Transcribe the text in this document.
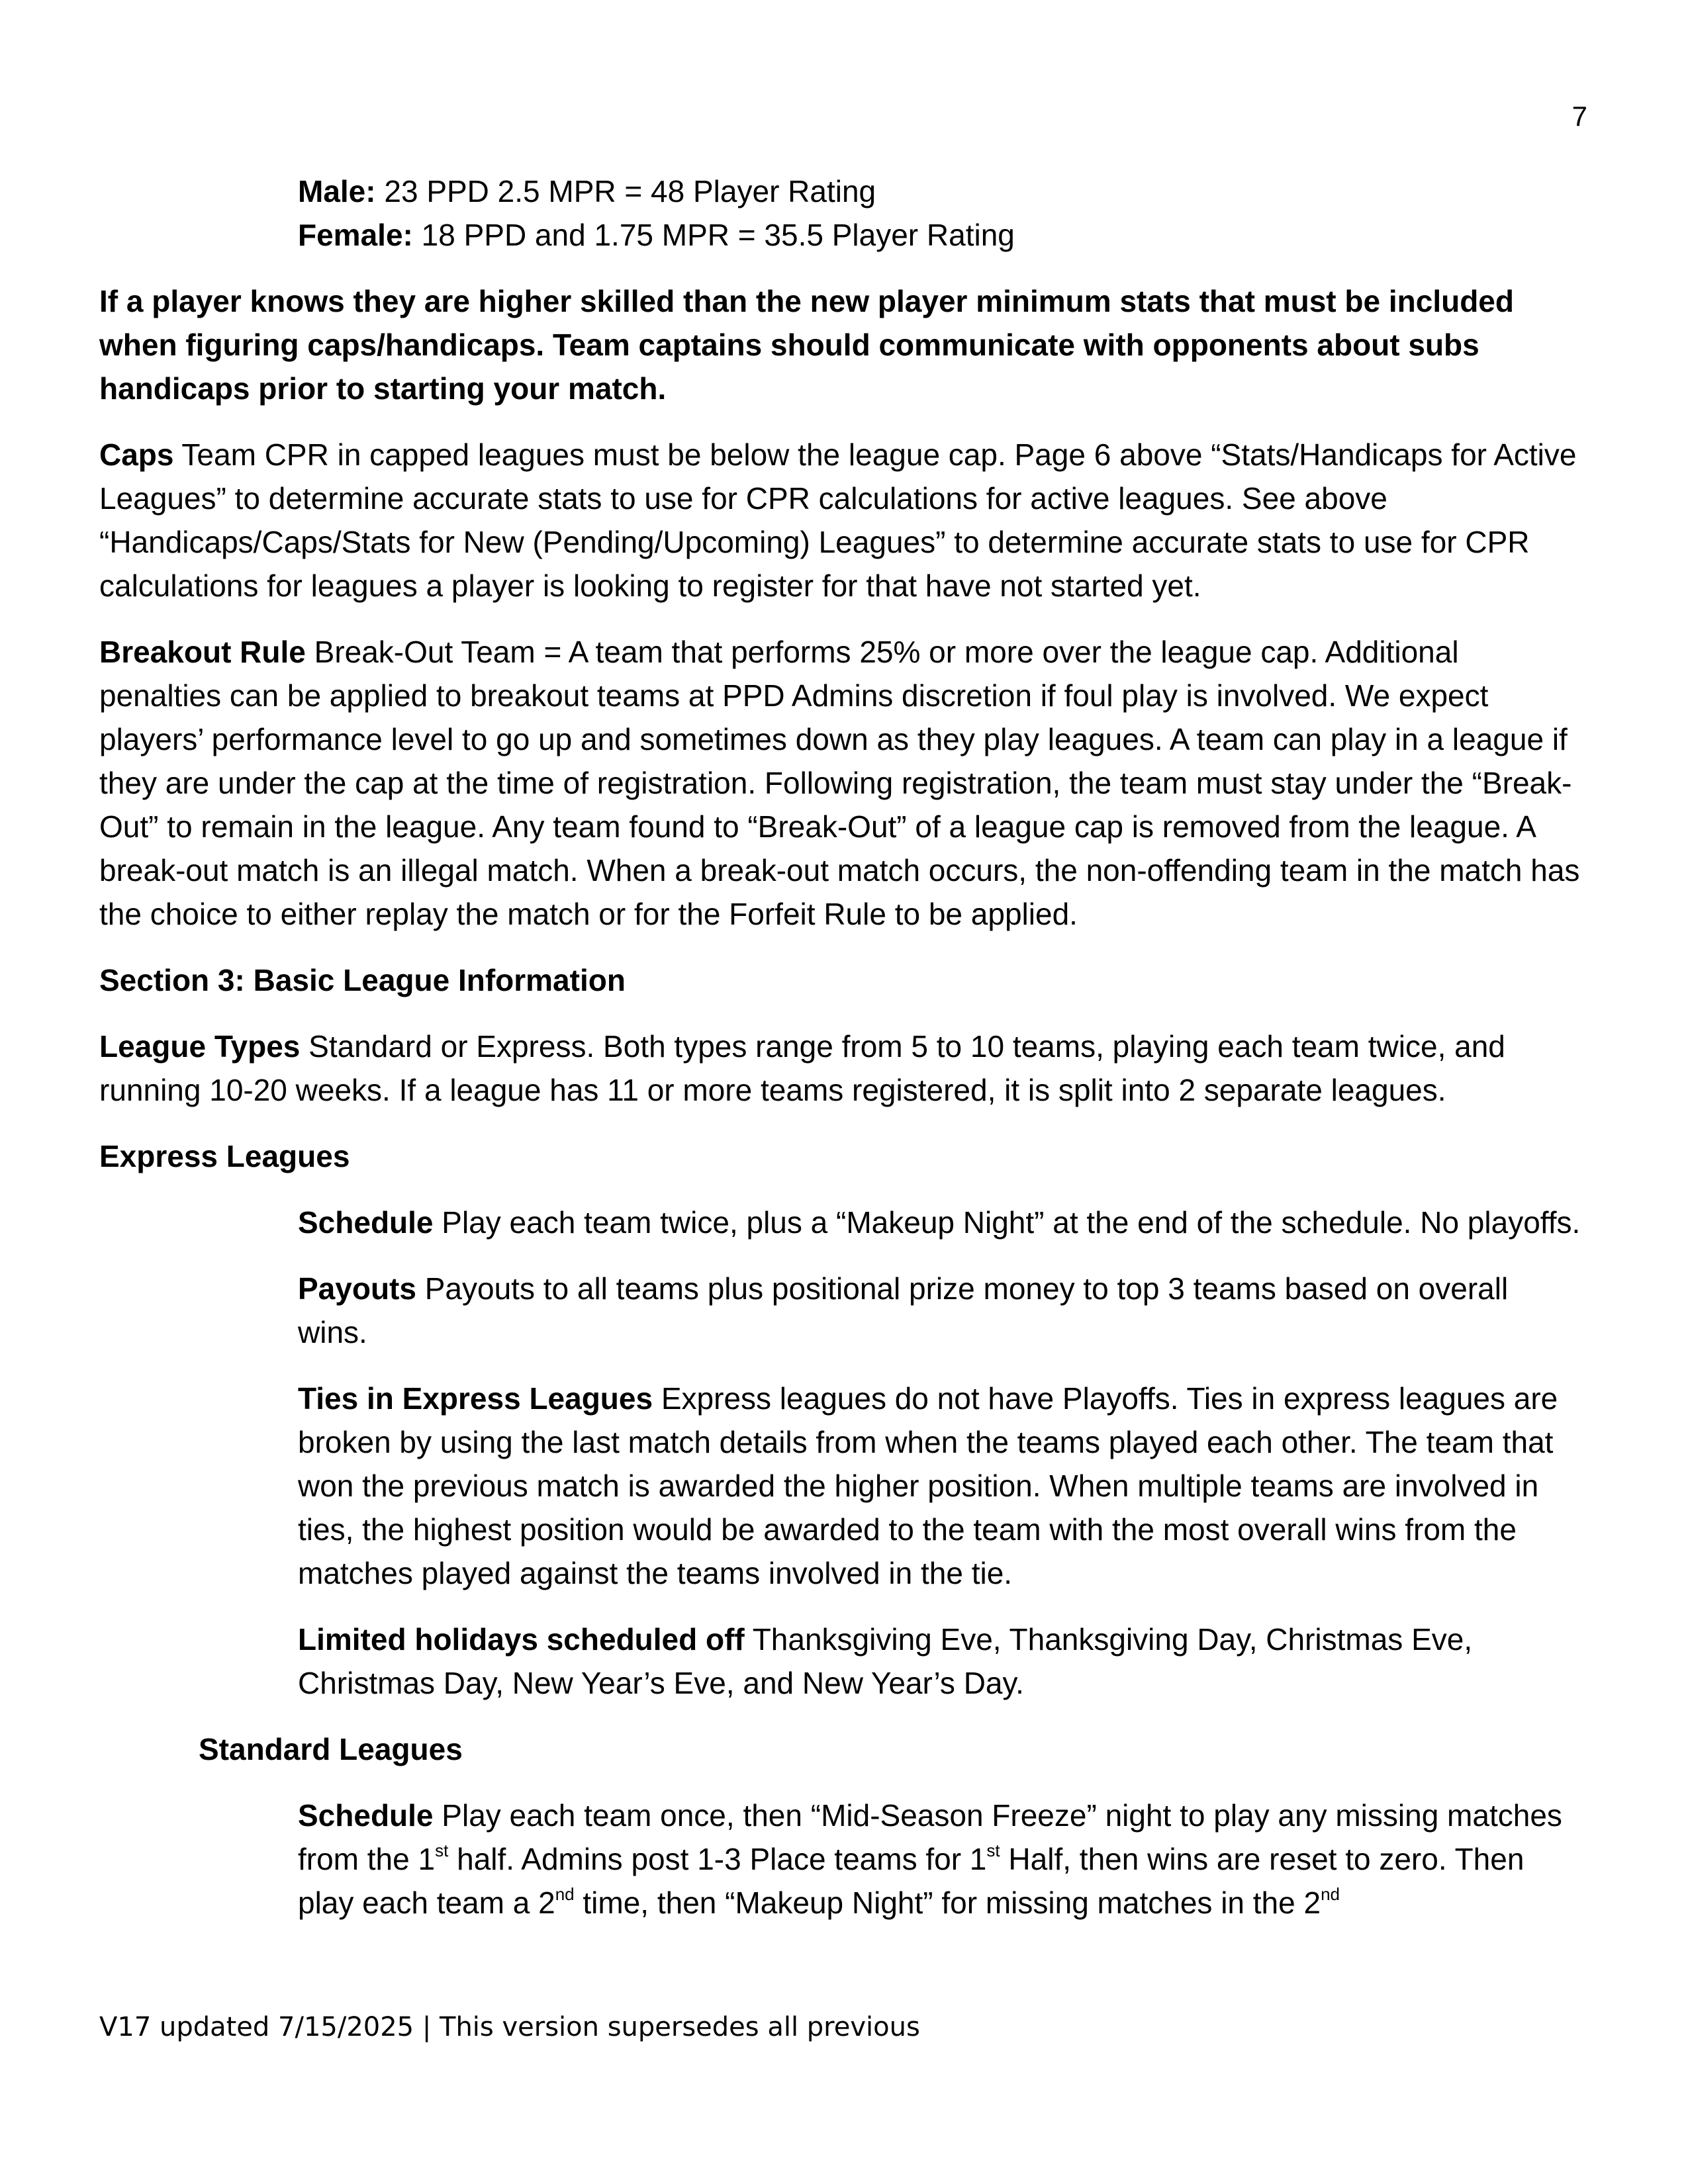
7

Male: 23 PPD 2.5 MPR = 48 Player Rating

Female: 18 PPD and 1.75 MPR = 35.5 Player Rating

If a player knows they are higher skilled than the new player minimum stats that must be included when figuring caps/handicaps. Team captains should communicate with opponents about subs handicaps prior to starting your match.

Caps Team CPR in capped leagues must be below the league cap. Page 6 above “Stats/Handicaps for Active Leagues” to determine accurate stats to use for CPR calculations for active leagues. See above “Handicaps/Caps/Stats for New (Pending/Upcoming) Leagues” to determine accurate stats to use for CPR calculations for leagues a player is looking to register for that have not started yet.

Breakout Rule Break-Out Team = A team that performs 25% or more over the league cap. Additional penalties can be applied to breakout teams at PPD Admins discretion if foul play is involved. We expect players’ performance level to go up and sometimes down as they play leagues. A team can play in a league if they are under the cap at the time of registration. Following registration, the team must stay under the “Break-Out” to remain in the league. Any team found to “Break-Out” of a league cap is removed from the league. A break-out match is an illegal match. When a break-out match occurs, the non-offending team in the match has the choice to either replay the match or for the Forfeit Rule to be applied.

Section 3: Basic League Information

League Types Standard or Express. Both types range from 5 to 10 teams, playing each team twice, and running 10-20 weeks. If a league has 11 or more teams registered, it is split into 2 separate leagues.

Express Leagues

Schedule Play each team twice, plus a “Makeup Night” at the end of the schedule. No playoffs.

Payouts Payouts to all teams plus positional prize money to top 3 teams based on overall wins.

Ties in Express Leagues Express leagues do not have Playoffs. Ties in express leagues are broken by using the last match details from when the teams played each other. The team that won the previous match is awarded the higher position. When multiple teams are involved in ties, the highest position would be awarded to the team with the most overall wins from the matches played against the teams involved in the tie.

Limited holidays scheduled off Thanksgiving Eve, Thanksgiving Day, Christmas Eve, Christmas Day, New Year’s Eve, and New Year’s Day.

Standard Leagues

Schedule Play each team once, then “Mid-Season Freeze” night to play any missing matches from the 1st half. Admins post 1-3 Place teams for 1st Half, then wins are reset to zero. Then play each team a 2nd time, then “Makeup Night” for missing matches in the 2nd

V17 updated 7/15/2025 | This version supersedes all previous
